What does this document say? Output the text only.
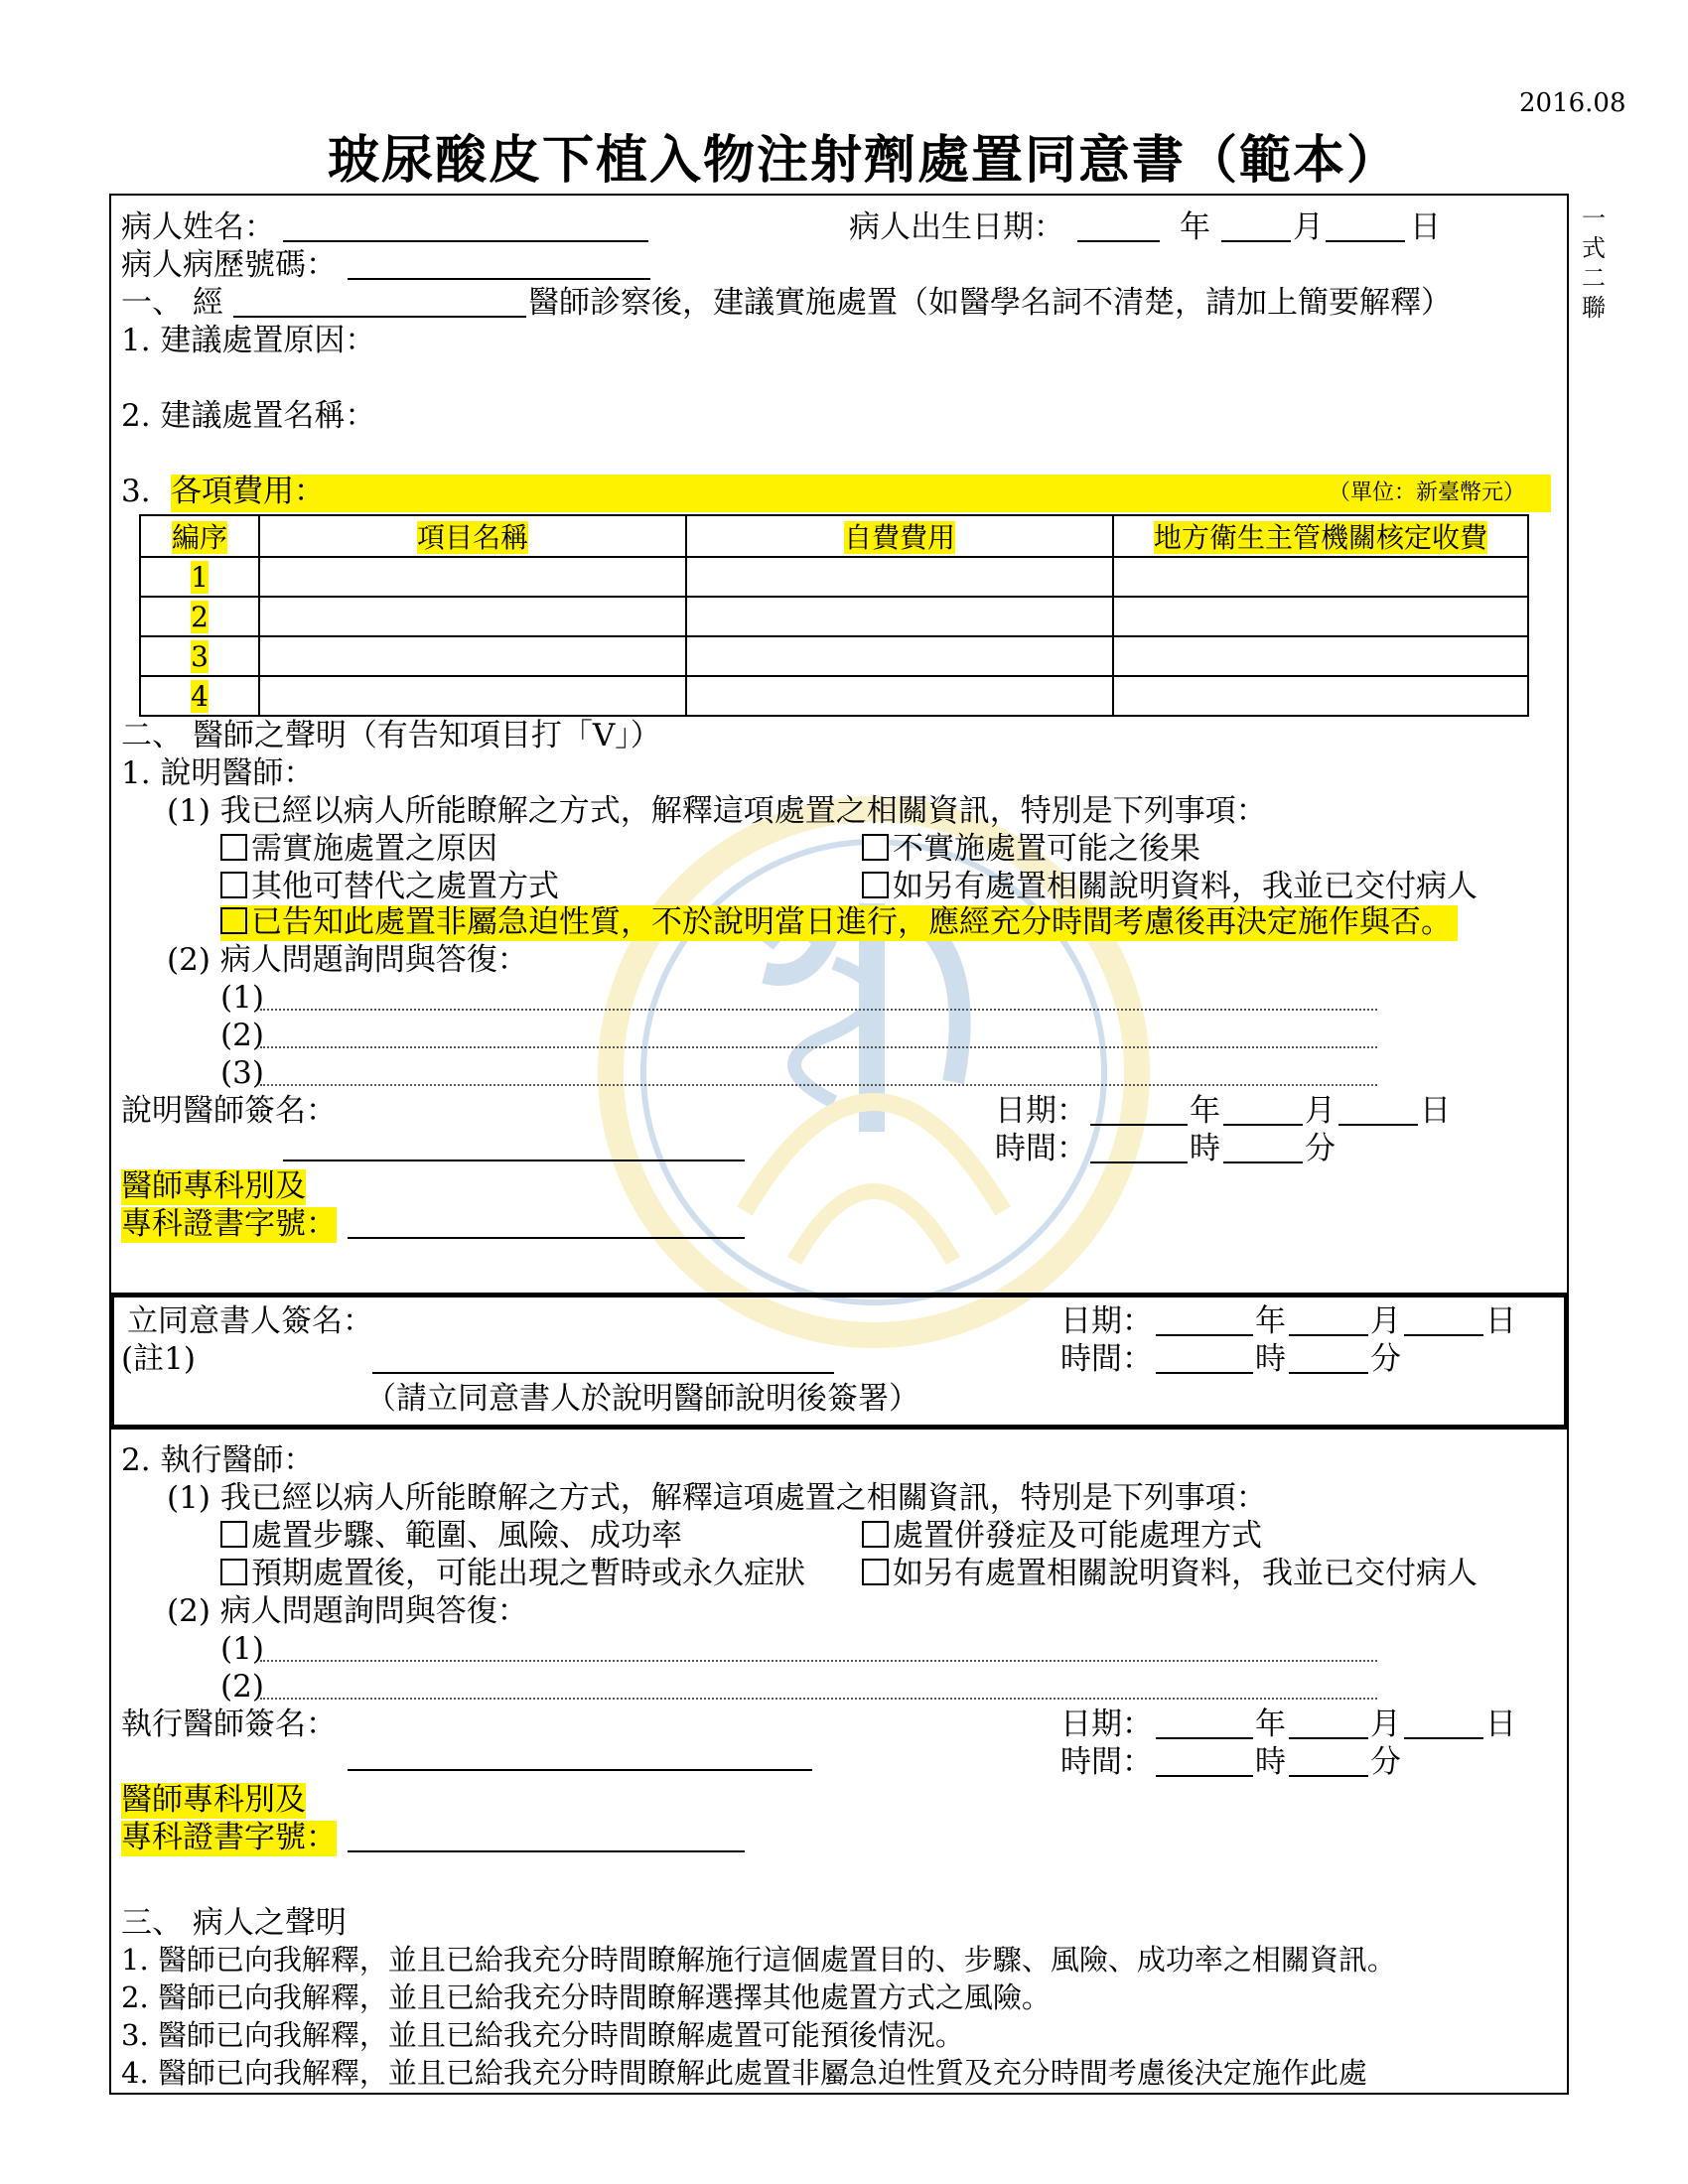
2016.08
玻尿酸皮下植入物注射劑處置同意書（範本）
一式二聯
病人姓名：	病人出生日期：	年	月	日
病人病歷號碼：
一、 經	醫師診察後，建議實施處置（如醫學名詞不清楚，請加上簡要解釋）
1. 建議處置原因：
2. 建議處置名稱：
3. 各項費用：	（單位：新臺幣元）
編序	項目名稱	自費費用	地方衛生主管機關核定收費
1			
2			
3			
4			
二、 醫師之聲明（有告知項目打「V」）
1. 說明醫師：
(1) 我已經以病人所能瞭解之方式，解釋這項處置之相關資訊，特別是下列事項：
需實施處置之原因	不實施處置可能之後果
其他可替代之處置方式	如另有處置相關說明資料，我並已交付病人
已告知此處置非屬急迫性質，不於說明當日進行，應經充分時間考慮後再決定施作與否。
(2) 病人問題詢問與答復：
(1)
(2)
(3)
說明醫師簽名：	日期：	年	月	日
時間：	時	分
醫師專科別及
專科證書字號：
立同意書人簽名：
(註1)
（請立同意書人於說明醫師說明後簽署）
日期：	年	月	日
時間：	時	分
2. 執行醫師：
(1) 我已經以病人所能瞭解之方式，解釋這項處置之相關資訊，特別是下列事項：
處置步驟、範圍、風險、成功率	處置併發症及可能處理方式
預期處置後，可能出現之暫時或永久症狀	如另有處置相關說明資料，我並已交付病人
(2) 病人問題詢問與答復：
(1)
(2)
執行醫師簽名：	日期：	年	月	日
時間：	時	分
醫師專科別及
專科證書字號：
三、 病人之聲明
1. 醫師已向我解釋，並且已給我充分時間瞭解施行這個處置目的、步驟、風險、成功率之相關資訊。
2. 醫師已向我解釋，並且已給我充分時間瞭解選擇其他處置方式之風險。
3. 醫師已向我解釋，並且已給我充分時間瞭解處置可能預後情況。
4. 醫師已向我解釋，並且已給我充分時間瞭解此處置非屬急迫性質及充分時間考慮後決定施作此處
